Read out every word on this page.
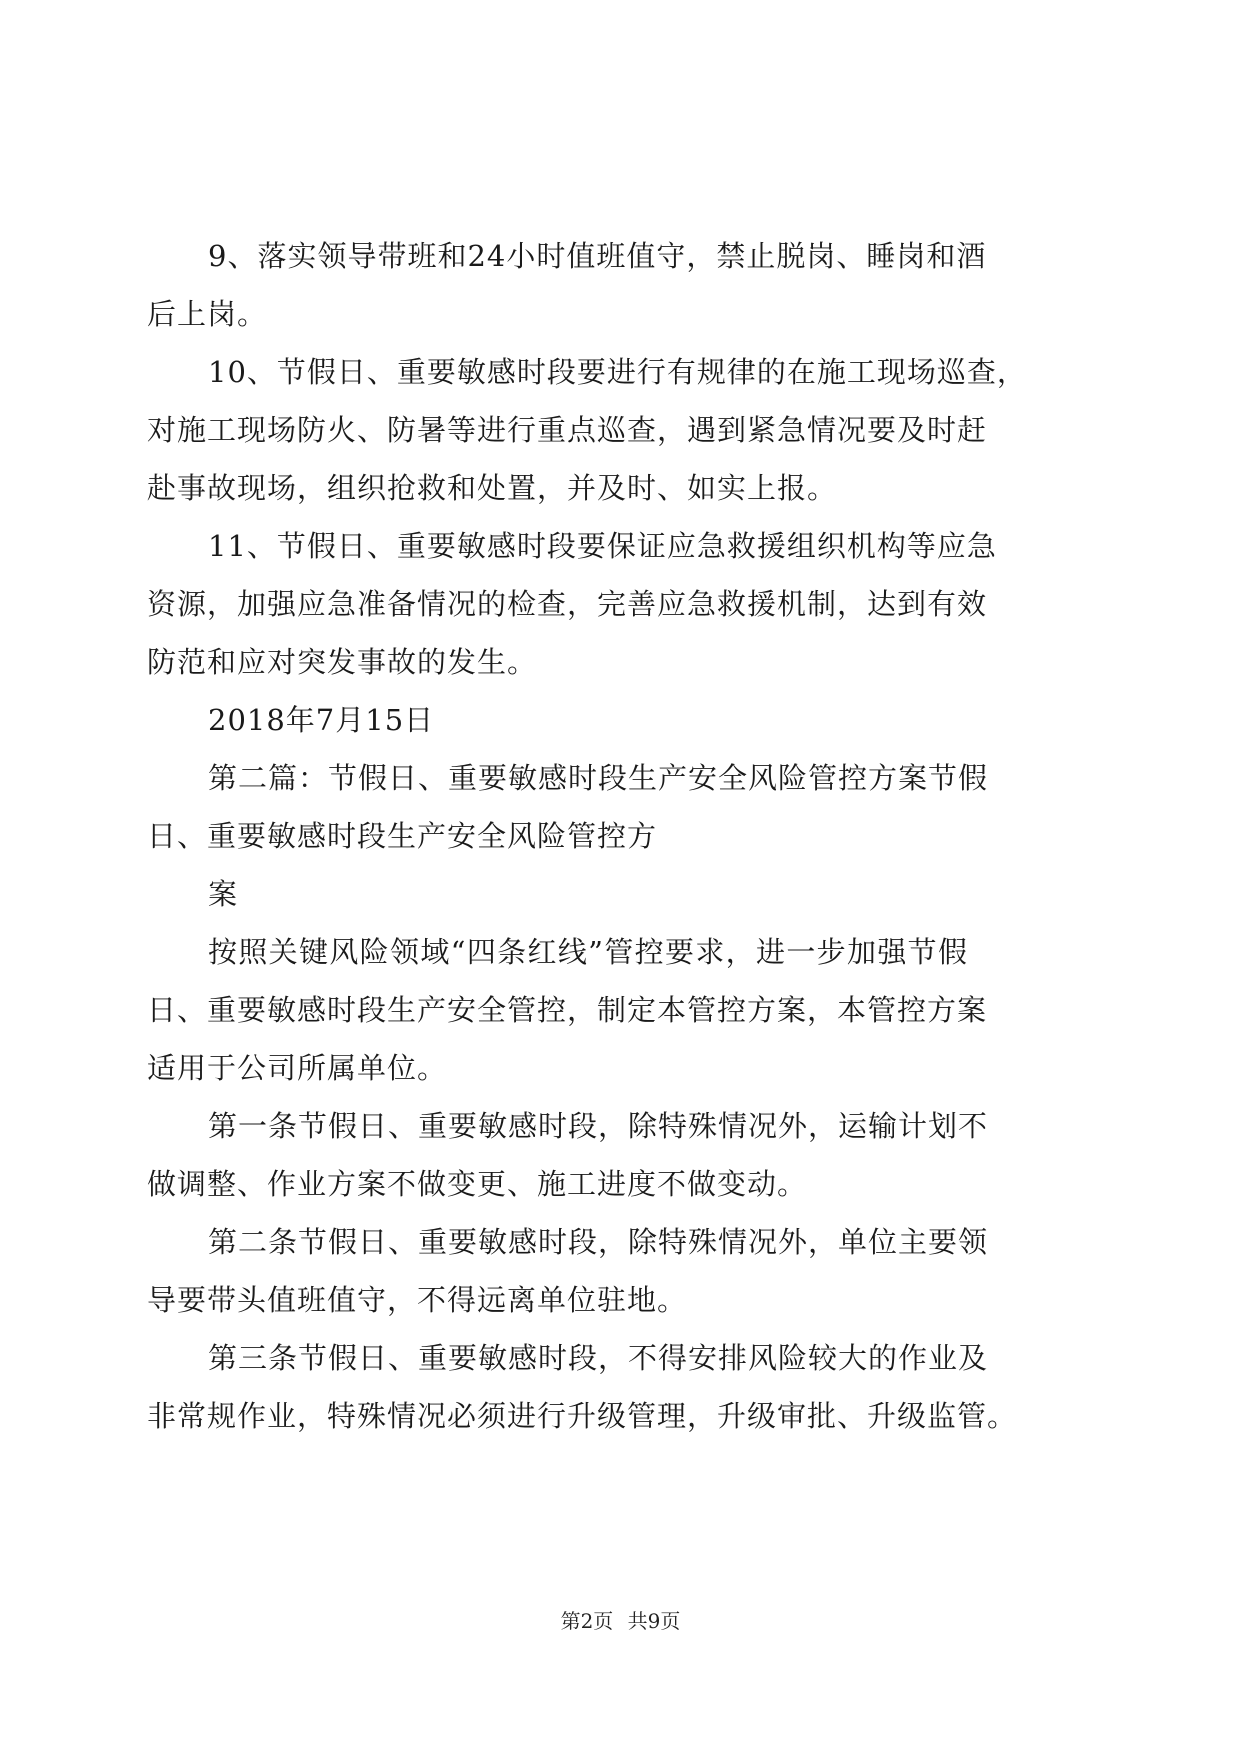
9、落实领导带班和24小时值班值守，禁止脱岗、睡岗和酒
后上岗。
10、节假日、重要敏感时段要进行有规律的在施工现场巡查，
对施工现场防火、防暑等进行重点巡查，遇到紧急情况要及时赶
赴事故现场，组织抢救和处置，并及时、如实上报。
11、节假日、重要敏感时段要保证应急救援组织机构等应急
资源，加强应急准备情况的检查，完善应急救援机制，达到有效
防范和应对突发事故的发生。
2018年7月15日
第二篇：节假日、重要敏感时段生产安全风险管控方案节假
日、重要敏感时段生产安全风险管控方
案
按照关键风险领域“四条红线”管控要求，进一步加强节假
日、重要敏感时段生产安全管控，制定本管控方案，本管控方案
适用于公司所属单位。
第一条节假日、重要敏感时段，除特殊情况外，运输计划不
做调整、作业方案不做变更、施工进度不做变动。
第二条节假日、重要敏感时段，除特殊情况外，单位主要领
导要带头值班值守，不得远离单位驻地。
第三条节假日、重要敏感时段，不得安排风险较大的作业及
非常规作业，特殊情况必须进行升级管理，升级审批、升级监管。
第2页 共9页
